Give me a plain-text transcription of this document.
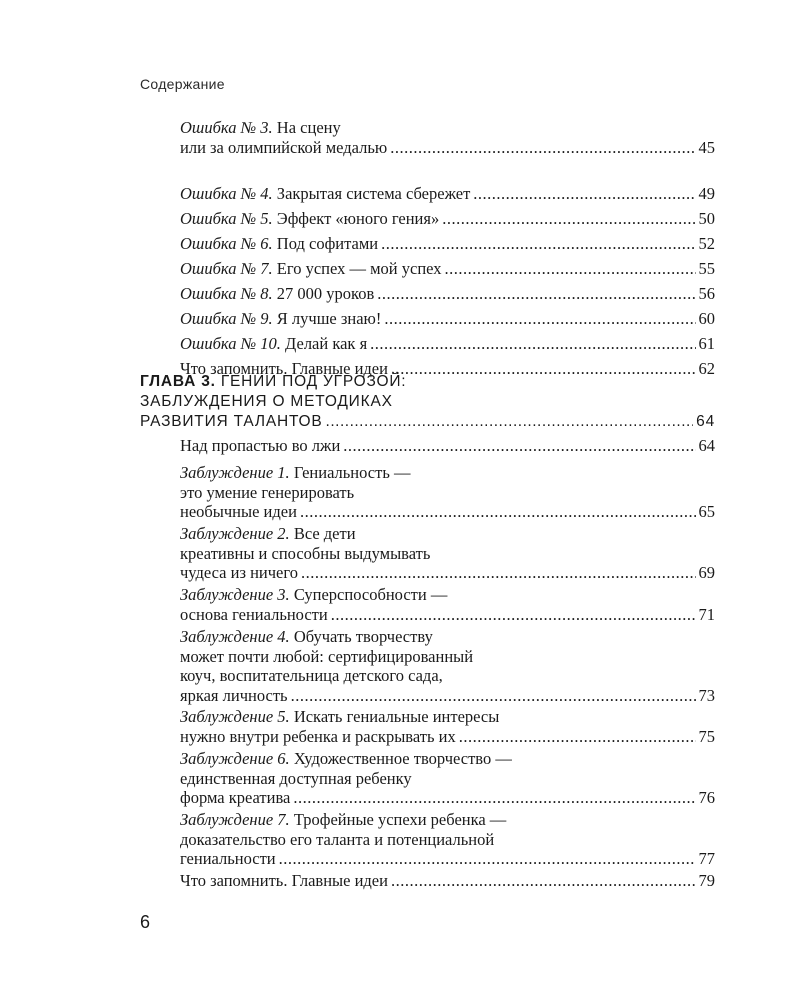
Содержание
Ошибка № 3.
На сцену
или за олимпийской медалью .....	45
Ошибка № 4.
Закрытая система сбережет .....	49
Ошибка № 5.
Эффект «юного гения» .....	50
Ошибка № 6.
Под софитами .....	52
Ошибка № 7.
Его успех — мой успех .....	55
Ошибка № 8.
27 000 уроков .....	56
Ошибка № 9.
Я лучше знаю! .....	60
Ошибка № 10.
Делай как я .....	61
Что запомнить. Главные идеи .....	62
ГЛАВА 3.
ГЕНИИ ПОД УГРОЗОЙ:
ЗАБЛУЖДЕНИЯ О МЕТОДИКАХ
РАЗВИТИЯ ТАЛАНТОВ .....	64
Над пропастью во лжи .....	64
Заблуждение 1.
Гениальность —
это умение генерировать
необычные идеи .....	65
Заблуждение 2.
Все дети
креативны и способны выдумывать
чудеса из ничего .....	69
Заблуждение 3.
Суперспособности —
основа гениальности .....	71
Заблуждение 4.
Обучать творчеству
может почти любой: сертифицированный
коуч, воспитательница детского сада,
яркая личность .....	73
Заблуждение 5.
Искать гениальные интересы
нужно внутри ребенка и раскрывать их .....	75
Заблуждение 6.
Художественное творчество —
единственная доступная ребенку
форма креатива .....	76
Заблуждение 7.
Трофейные успехи ребенка —
доказательство его таланта и потенциальной
гениальности .....	77
Что запомнить. Главные идеи .....	79
6
